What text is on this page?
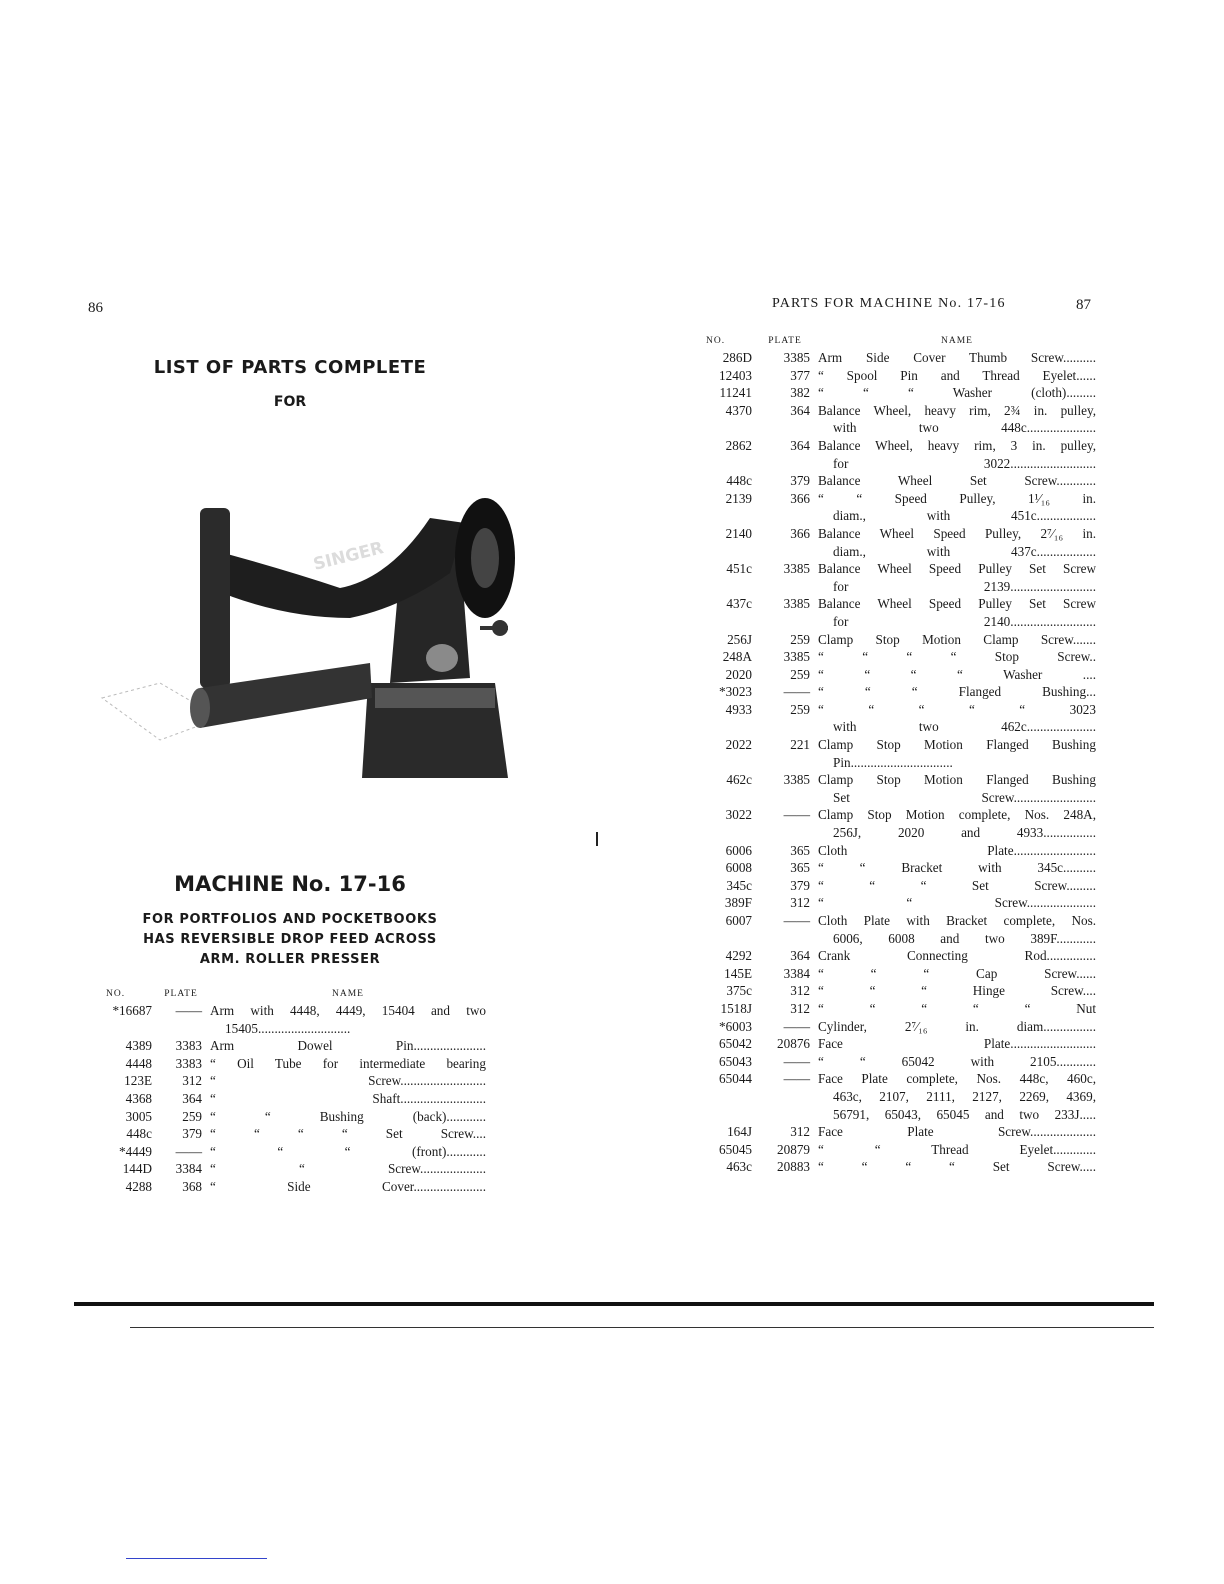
86
LIST OF PARTS COMPLETE
FOR
SINGER
MACHINE No. 17-16
FOR PORTFOLIOS AND POCKETBOOKS
HAS REVERSIBLE DROP FEED ACROSS
ARM. ROLLER PRESSER
NO.	PLATE	NAME
*16687	—— Arm with 4448, 4449, 15404 and two
15405............................
4389	3383 Arm Dowel Pin......................
4448	3383 “ Oil Tube for intermediate bearing
123E	312 “ Screw..........................
4368	364 “ Shaft..........................
3005	259 “ “ Bushing (back)............
448c	379 “ “ “ “ Set Screw....
*4449	—— “ “ “ (front)............
144D	3384 “ “ Screw....................
4288	368 “ Side Cover......................
PARTS FOR MACHINE No. 17-16	87
NO.	PLATE	NAME
286D	3385 Arm Side Cover Thumb Screw..........
12403	377 “ Spool Pin and Thread Eyelet......
11241	382 “ “ “ Washer (cloth).........
4370	364 Balance Wheel, heavy rim, 2¾ in. pulley,
with two 448c.....................
2862	364 Balance Wheel, heavy rim, 3 in. pulley,
for 3022..........................
448c	379 Balance Wheel Set Screw............
2139	366 “ “ Speed Pulley, 1¹⁄₁₆ in.
diam., with 451c..................
2140	366 Balance Wheel Speed Pulley, 2⁷⁄₁₆ in.
diam., with 437c..................
451c	3385 Balance Wheel Speed Pulley Set Screw
for 2139..........................
437c	3385 Balance Wheel Speed Pulley Set Screw
for 2140..........................
256J	259 Clamp Stop Motion Clamp Screw.......
248A	3385 “ “ “ “ Stop Screw..
2020	259 “ “ “ “ Washer ....
*3023	—— “ “ “ Flanged Bushing...
4933	259 “ “ “ “ “ 3023
with two 462c.....................
2022	221 Clamp Stop Motion Flanged Bushing
Pin...............................
462c	3385 Clamp Stop Motion Flanged Bushing
Set Screw.........................
3022	—— Clamp Stop Motion complete, Nos. 248A,
256J, 2020 and 4933................
6006	365 Cloth Plate.........................
6008	365 “ “ Bracket with 345c..........
345c	379 “ “ “ Set Screw.........
389F	312 “ “ Screw.....................
6007	—— Cloth Plate with Bracket complete, Nos.
6006, 6008 and two 389F............
4292	364 Crank Connecting Rod...............
145E	3384 “ “ “ Cap Screw......
375c	312 “ “ “ Hinge Screw....
1518J	312 “ “ “ “ “ Nut
*6003	—— Cylinder, 2⁷⁄₁₆ in. diam................
65042	20876 Face Plate..........................
65043	—— “ “ 65042 with 2105............
65044	—— Face Plate complete, Nos. 448c, 460c,
463c, 2107, 2111, 2127, 2269, 4369,
56791, 65043, 65045 and two 233J.....
164J	312 Face Plate Screw....................
65045	20879 “ “ Thread Eyelet.............
463c	20883 “ “ “ “ Set Screw.....
